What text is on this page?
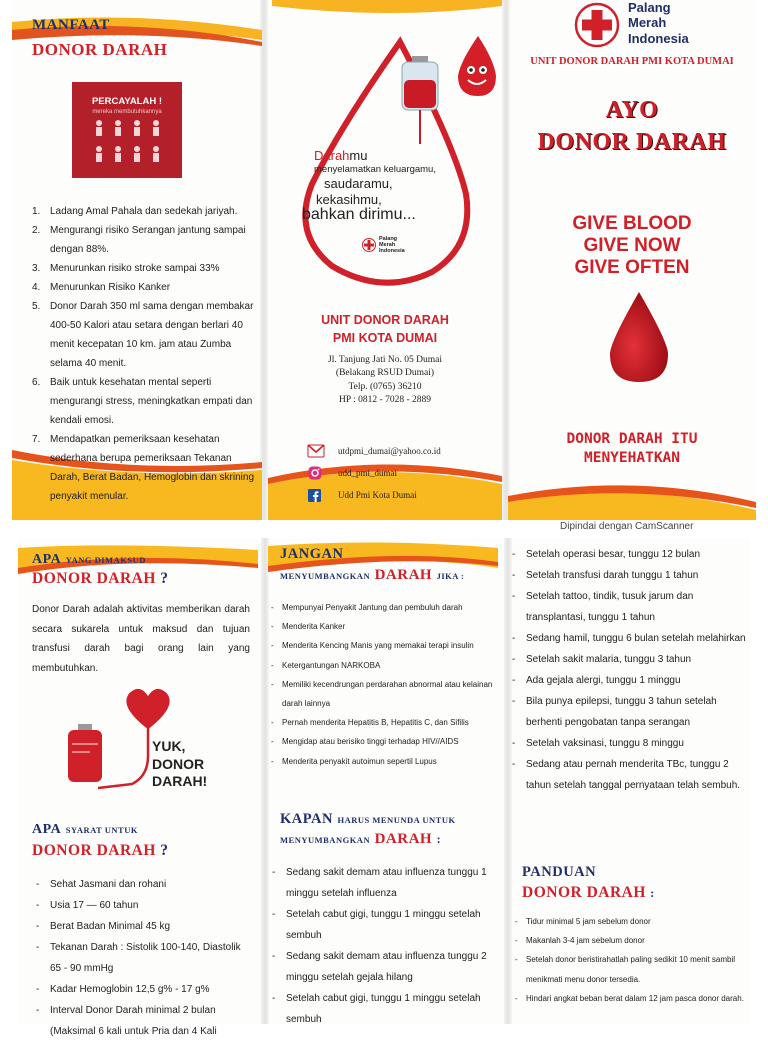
MANFAAT
DONOR DARAH
PERCAYALAH !
mereka membutuhkannya
1. Ladang Amal Pahala dan sedekah jariyah.
2. Mengurangi risiko Serangan jantung sampai dengan 88%.
3. Menurunkan risiko stroke sampai 33%
4. Menurunkan Risiko Kanker
5. Donor Darah 350 ml sama dengan membakar 400-50 Kalori atau setara dengan berlari 40 menit kecepatan 10 km. jam atau Zumba selama 40 menit.
6. Baik untuk kesehatan mental seperti mengurangi stress, meningkatkan empati dan kendali emosi.
7. Mendapatkan pemeriksaan kesehatan sederhana berupa pemeriksaan Tekanan Darah, Berat Badan, Hemoglobin dan skrining penyakit menular.
Darahmu
menyelamatkan keluargamu,
saudaramu,
kekasihmu,
bahkan dirimu...
Palang
Merah
Indonesia
UNIT DONOR DARAH
PMI KOTA DUMAI
Jl. Tanjung Jati No. 05 Dumai
(Belakang RSUD Dumai)
Telp. (0765) 36210
HP : 0812 - 7028 - 2889
utdpmi_dumai@yahoo.co.id
udd_pmi_dumai
Udd Pmi Kota Dumai
Palang
Merah
Indonesia
UNIT DONOR DARAH PMI KOTA DUMAI
AYO
DONOR DARAH
GIVE BLOOD
GIVE NOW
GIVE OFTEN
DONOR DARAH ITU
MENYEHATKAN
Dipindai dengan CamScanner
APA YANG DIMAKSUD
DONOR DARAH ?
Donor Darah adalah aktivitas memberikan darah secara sukarela untuk maksud dan tujuan transfusi darah bagi orang lain yang membutuhkan.
YUK,
DONOR
DARAH!
APA SYARAT UNTUK
DONOR DARAH ?
- Sehat Jasmani dan rohani
- Usia 17 — 60 tahun
- Berat Badan Minimal 45 kg
- Tekanan Darah : Sistolik 100-140, Diastolik 65 - 90 mmHg
- Kadar Hemoglobin 12,5 g% - 17 g%
- Interval Donor Darah minimal 2 bulan (Maksimal 6 kali untuk Pria dan 4 Kali
JANGAN
MENYUMBANGKAN DARAH JIKA :
- Mempunyai Penyakit Jantung dan pembuluh darah
- Menderita Kanker
- Menderita Kencing Manis yang memakai terapi insulin
- Ketergantungan NARKOBA
- Memiliki kecendrungan perdarahan abnormal atau kelainan darah lainnya
- Pernah menderita Hepatitis B, Hepatitis C, dan Sifilis
- Mengidap atau berisiko tinggi terhadap HIV//AIDS
- Menderita penyakit autoimun sepertil Lupus
KAPAN HARUS MENUNDA UNTUK
MENYUMBANGKAN DARAH :
- Sedang sakit demam atau influenza tunggu 1 minggu setelah influenza
- Setelah cabut gigi, tunggu 1 minggu setelah sembuh
- Sedang sakit demam atau influenza tunggu 2 minggu setelah gejala hilang
- Setelah cabut gigi, tunggu 1 minggu setelah sembuh
- Setelah operasi besar, tunggu 12 bulan
- Setelah transfusi darah tunggu 1 tahun
- Setelah tattoo, tindik, tusuk jarum dan transplantasi, tunggu 1 tahun
- Sedang hamil, tunggu 6 bulan setelah melahirkan
- Setelah sakit malaria, tunggu 3 tahun
- Ada gejala alergi, tunggu 1 minggu
- Bila punya epilepsi, tunggu 3 tahun setelah berhenti pengobatan tanpa serangan
- Setelah vaksinasi, tunggu 8 minggu
- Sedang atau pernah menderita TBc, tunggu 2 tahun setelah tanggal pernyataan telah sembuh.
PANDUAN
DONOR DARAH :
- Tidur minimal 5 jam sebelum donor
- Makanlah 3-4 jam sebelum donor
- Setelah donor beristirahatlah paling sedikit 10 menit sambil menikmati menu donor tersedia.
- Hindari angkat beban berat dalam 12 jam pasca donor darah.
